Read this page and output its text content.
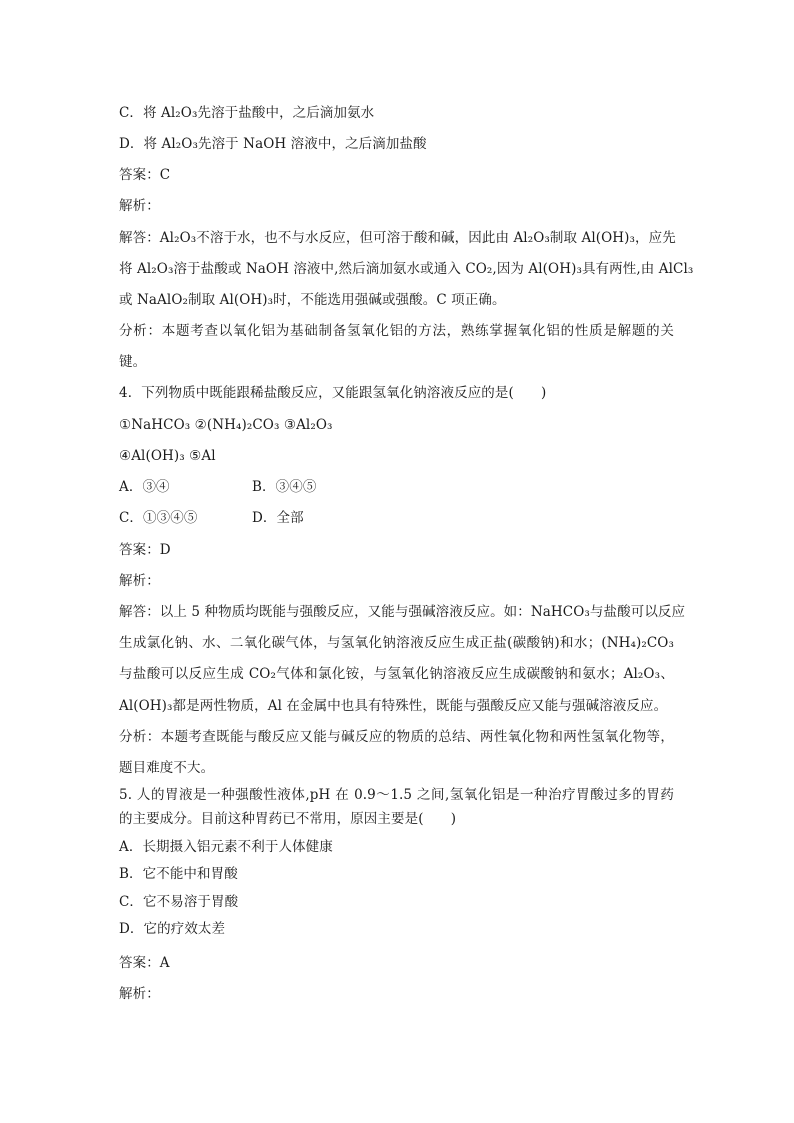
C．将 Al₂O₃先溶于盐酸中，之后滴加氨水
D．将 Al₂O₃先溶于 NaOH 溶液中，之后滴加盐酸
答案：C
解析：
解答：Al₂O₃不溶于水，也不与水反应，但可溶于酸和碱，因此由 Al₂O₃制取 Al(OH)₃，应先
将 Al₂O₃溶于盐酸或 NaOH 溶液中,然后滴加氨水或通入 CO₂,因为 Al(OH)₃具有两性,由 AlCl₃
或 NaAlO₂制取 Al(OH)₃时，不能选用强碱或强酸。C 项正确。
分析：本题考查以氧化铝为基础制备氢氧化铝的方法，熟练掌握氧化铝的性质是解题的关
键。
4．下列物质中既能跟稀盐酸反应，又能跟氢氧化钠溶液反应的是(　　)
①NaHCO₃ ②(NH₄)₂CO₃ ③Al₂O₃
④Al(OH)₃ ⑤Al
A．③④	B．③④⑤
C．①③④⑤	D．全部
答案：D
解析：
解答：以上 5 种物质均既能与强酸反应，又能与强碱溶液反应。如：NaHCO₃与盐酸可以反应
生成氯化钠、水、二氧化碳气体，与氢氧化钠溶液反应生成正盐(碳酸钠)和水；(NH₄)₂CO₃
与盐酸可以反应生成 CO₂气体和氯化铵，与氢氧化钠溶液反应生成碳酸钠和氨水；Al₂O₃、
Al(OH)₃都是两性物质，Al 在金属中也具有特殊性，既能与强酸反应又能与强碱溶液反应。
分析：本题考查既能与酸反应又能与碱反应的物质的总结、两性氧化物和两性氢氧化物等，
题目难度不大。
5. 人的胃液是一种强酸性液体,pH 在 0.9～1.5 之间,氢氧化铝是一种治疗胃酸过多的胃药
的主要成分。目前这种胃药已不常用，原因主要是(　　)
A．长期摄入铝元素不利于人体健康
B．它不能中和胃酸
C．它不易溶于胃酸
D．它的疗效太差
答案：A
解析：
